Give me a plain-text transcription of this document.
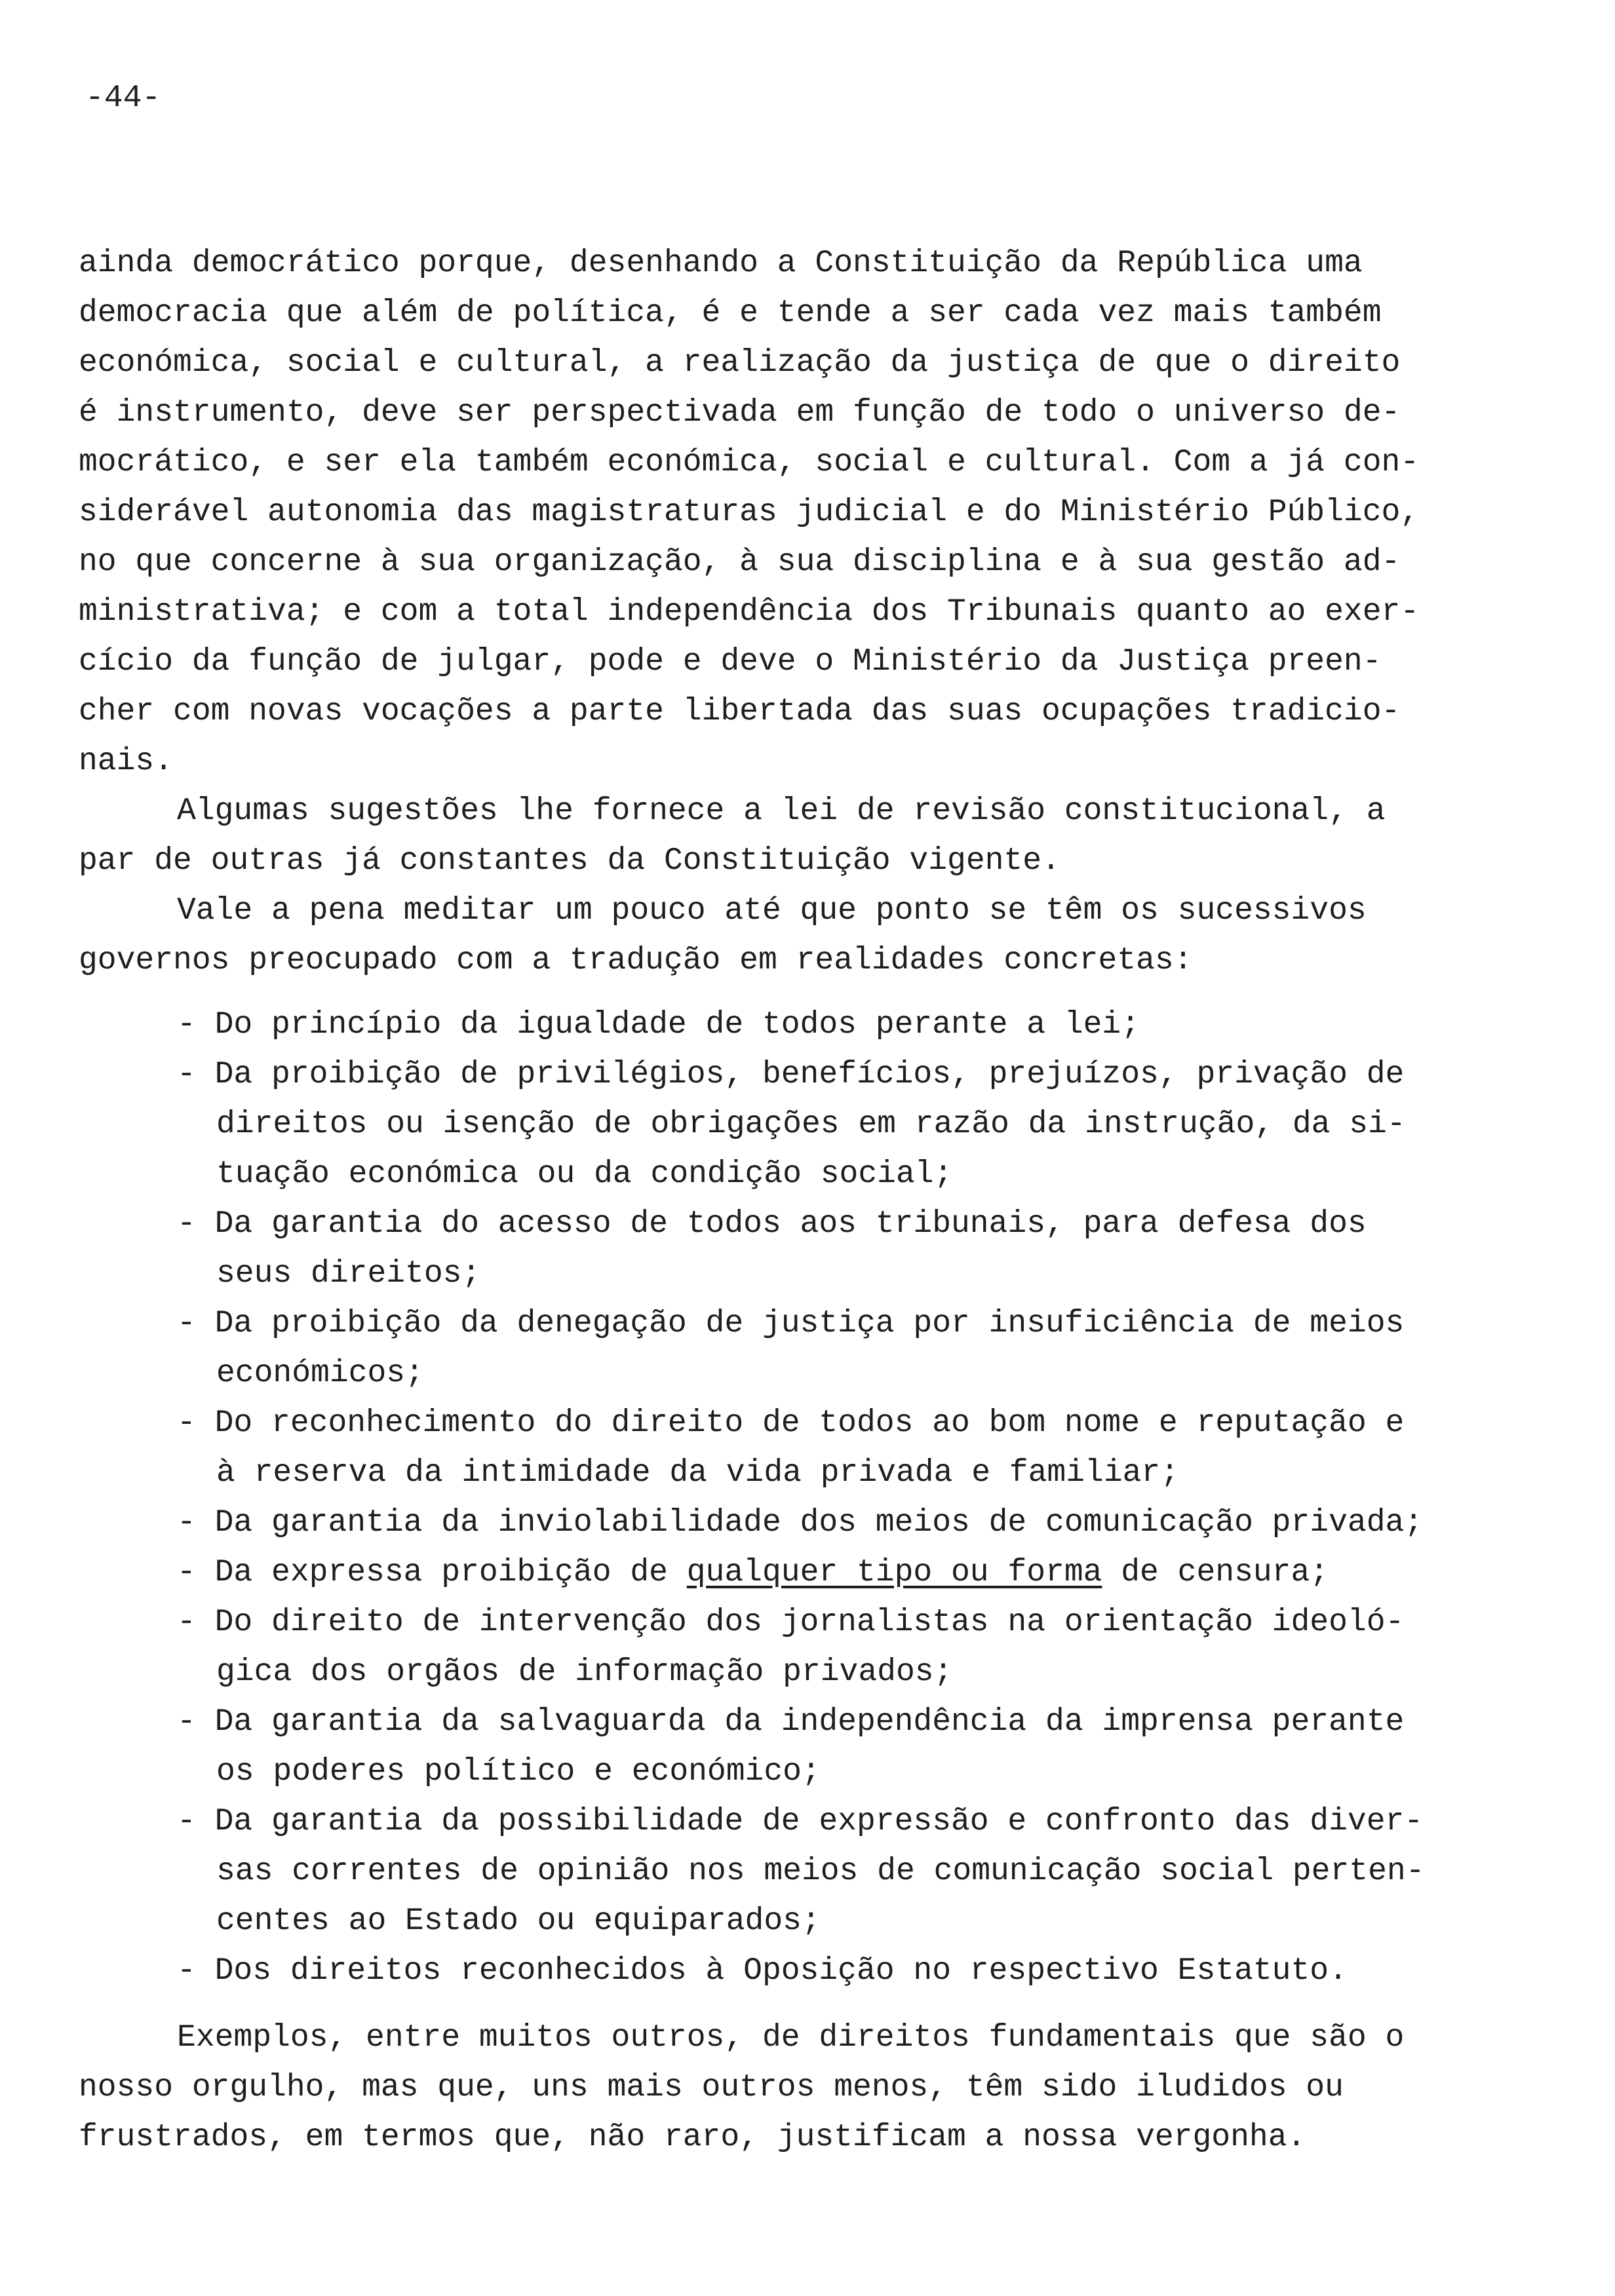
-44-

ainda democrático porque, desenhando a Constituição da República uma

democracia que além de política, é e tende a ser cada vez mais também

económica, social e cultural, a realização da justiça de que o direito

é instrumento, deve ser perspectivada em função de todo o universo de-

mocrático, e ser ela também económica, social e cultural. Com a já con-

siderável autonomia das magistraturas judicial e do Ministério Público,

no que concerne à sua organização, à sua disciplina e à sua gestão ad-

ministrativa; e com a total independência dos Tribunais quanto ao exer-

cício da função de julgar, pode e deve o Ministério da Justiça preen-

cher com novas vocações a parte libertada das suas ocupações tradicio-

nais.

Algumas sugestões lhe fornece a lei de revisão constitucional, a

par de outras já constantes da Constituição vigente.

Vale a pena meditar um pouco até que ponto se têm os sucessivos

governos preocupado com a tradução em realidades concretas:

- Do princípio da igualdade de todos perante a lei;

- Da proibição de privilégios, benefícios, prejuízos, privação de

direitos ou isenção de obrigações em razão da instrução, da si-

tuação económica ou da condição social;

- Da garantia do acesso de todos aos tribunais, para defesa dos

seus direitos;

- Da proibição da denegação de justiça por insuficiência de meios

económicos;

- Do reconhecimento do direito de todos ao bom nome e reputação e

à reserva da intimidade da vida privada e familiar;

- Da garantia da inviolabilidade dos meios de comunicação privada;

- Da expressa proibição de qualquer tipo ou forma de censura;

- Do direito de intervenção dos jornalistas na orientação ideoló-

gica dos orgãos de informação privados;

- Da garantia da salvaguarda da independência da imprensa perante

os poderes político e económico;

- Da garantia da possibilidade de expressão e confronto das diver-

sas correntes de opinião nos meios de comunicação social perten-

centes ao Estado ou equiparados;

- Dos direitos reconhecidos à Oposição no respectivo Estatuto.

Exemplos, entre muitos outros, de direitos fundamentais que são o

nosso orgulho, mas que, uns mais outros menos, têm sido iludidos ou

frustrados, em termos que, não raro, justificam a nossa vergonha.
